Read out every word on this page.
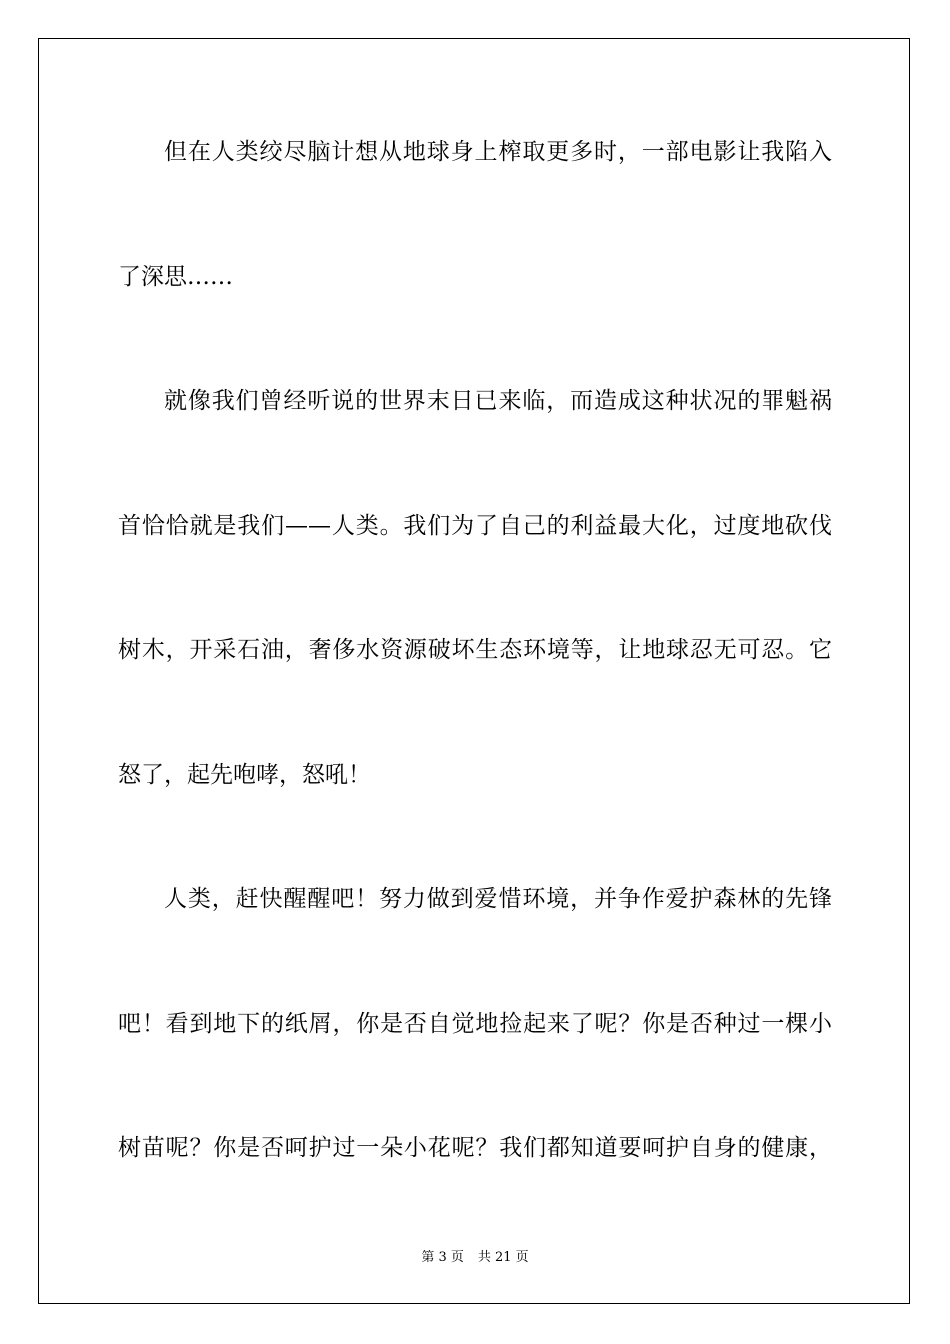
但在人类绞尽脑计想从地球身上榨取更多时，一部电影让我陷入
了深思……
就像我们曾经听说的世界末日已来临，而造成这种状况的罪魁祸
首恰恰就是我们——人类。我们为了自己的利益最大化，过度地砍伐
树木，开采石油，奢侈水资源破坏生态环境等，让地球忍无可忍。它
怒了，起先咆哮，怒吼！
人类，赶快醒醒吧！努力做到爱惜环境，并争作爱护森林的先锋
吧！看到地下的纸屑，你是否自觉地捡起来了呢？你是否种过一棵小
树苗呢？你是否呵护过一朵小花呢？我们都知道要呵护自身的健康，
第 3 页 共 21 页
